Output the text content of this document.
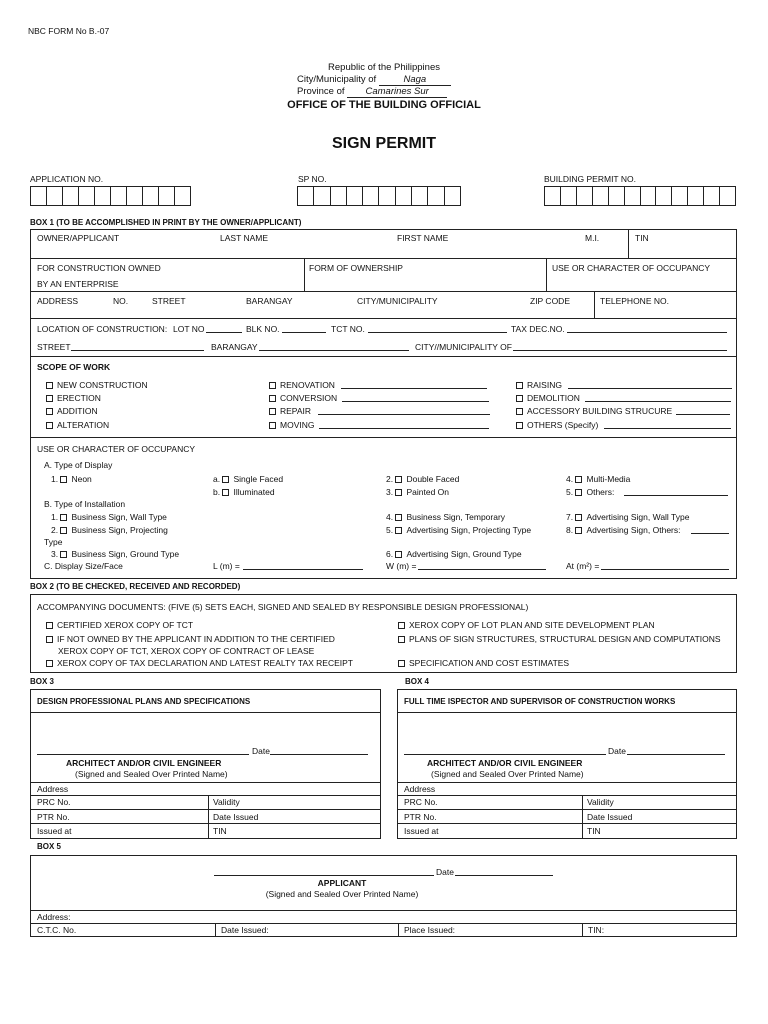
NBC FORM No B.-07
Republic of the Philippines
City/Municipality of	Naga
Province of Camarines Sur
OFFICE OF THE BUILDING OFFICIAL
SIGN PERMIT
APPLICATION NO.	SP NO.	BUILDING PERMIT NO.
BOX 1 (TO BE ACCOMPLISHED IN PRINT BY THE OWNER/APPLICANT)
OWNER/APPLICANT	LAST NAME	FIRST NAME	M.I.	TIN
FOR CONSTRUCTION OWNED
BY AN ENTERPRISE
FORM OF OWNERSHIP	USE OR CHARACTER OF OCCUPANCY
ADDRESS	NO.	STREET	BARANGAY	CITY/MUNICIPALITY	ZIP CODE	TELEPHONE NO.
LOCATION OF CONSTRUCTION: LOT NO	BLK NO.	TCT NO.	TAX DEC.NO.
STREET	BARANGAY	CITY//MUNICIPALITY OF
SCOPE OF WORK
NEW CONSTRUCTION
ERECTION
ADDITION
ALTERATION
RENOVATION
CONVERSION
REPAIR
MOVING
RAISING
DEMOLITION
ACCESSORY BUILDING STRUCURE
OTHERS (Specify)
USE OR CHARACTER OF OCCUPANCY
A. Type of Display
1. Neon	a. Single Faced
b. Illuminated
2. Double Faced
3. Painted On
4. Multi-Media
5. Others:
B. Type of Installation
1. Business Sign, Wall Type
2. Business Sign, Projecting
Type
3. Business Sign, Ground Type
4. Business Sign, Temporary
5. Advertising Sign, Projecting Type
6. Advertising Sign, Ground Type
7. Advertising Sign, Wall Type
8. Advertising Sign, Others:
C. Display Size/Face	L (m) =	W (m) =	At (m²) =
BOX 2 (TO BE CHECKED, RECEIVED AND RECORDED)
ACCOMPANYING DOCUMENTS: (FIVE (5) SETS EACH, SIGNED AND SEALED BY RESPONSIBLE DESIGN PROFESSIONAL)
CERTIFIED XEROX COPY OF TCT
IF NOT OWNED BY THE APPLICANT IN ADDITION TO THE CERTIFIED
XEROX COPY OF TCT, XEROX COPY OF CONTRACT OF LEASE
XEROX COPY OF TAX DECLARATION AND LATEST REALTY TAX RECEIPT
XEROX COPY OF LOT PLAN AND SITE DEVELOPMENT PLAN
PLANS OF SIGN STRUCTURES, STRUCTURAL DESIGN AND COMPUTATIONS
SPECIFICATION AND COST ESTIMATES
BOX 3
DESIGN PROFESSIONAL PLANS AND SPECIFICATIONS
Date
ARCHITECT AND/OR CIVIL ENGINEER
(Signed and Sealed Over Printed Name)
Address
PRC No.	Validity
PTR No.	Date Issued
Issued at	TIN
BOX 4
FULL TIME ISPECTOR AND SUPERVISOR OF CONSTRUCTION WORKS
Date
ARCHITECT AND/OR CIVIL ENGINEER
(Signed and Sealed Over Printed Name)
Address
PRC No.	Validity
PTR No.	Date Issued
Issued at	TIN
BOX 5
Date
APPLICANT
(Signed and Sealed Over Printed Name)
Address:
C.T.C. No.	Date Issued:	Place Issued:	TIN:
